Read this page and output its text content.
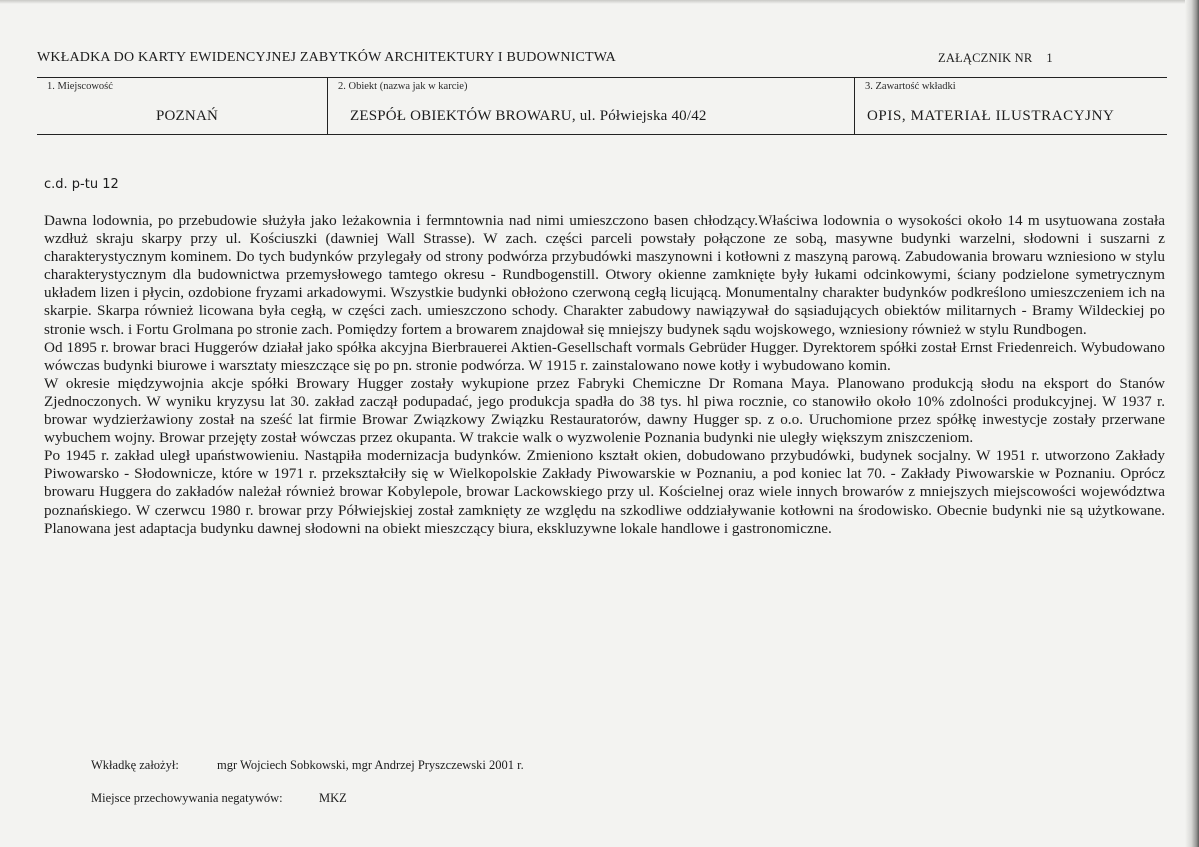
WKŁADKA DO KARTY EWIDENCYJNEJ ZABYTKÓW ARCHITEKTURY I BUDOWNICTWA	ZAŁĄCZNIK NR 1
1. Miejscowość
POZNAŃ
2. Obiekt (nazwa jak w karcie)
ZESPÓŁ OBIEKTÓW BROWARU, ul. Półwiejska 40/42
3. Zawartość wkładki
OPIS, MATERIAŁ ILUSTRACYJNY
c.d. p-tu 12

Dawna lodownia, po przebudowie służyła jako leżakownia i fermntownia nad nimi umieszczono basen chłodzący.Właściwa lodownia o wysokości około 14 m usytuowana została wzdłuż skraju skarpy przy ul. Kościuszki (dawniej Wall Strasse). W zach. części parceli powstały połączone ze sobą, masywne budynki warzelni, słodowni i suszarni z charakterystycznym kominem. Do tych budynków przylegały od strony podwórza przybudówki maszynowni i kotłowni z maszyną parową. Zabudowania browaru wzniesiono w stylu charakterystycznym dla budownictwa przemysłowego tamtego okresu - Rundbogenstill. Otwory okienne zamknięte były łukami odcinkowymi, ściany podzielone symetrycznym układem lizen i płycin, ozdobione fryzami arkadowymi. Wszystkie budynki obłożono czerwoną cegłą licującą. Monumentalny charakter budynków podkreślono umieszczeniem ich na skarpie. Skarpa również licowana była cegłą, w części zach. umieszczono schody. Charakter zabudowy nawiązywał do sąsiadujących obiektów militarnych - Bramy Wildeckiej po stronie wsch. i Fortu Grolmana po stronie zach. Pomiędzy fortem a browarem znajdował się mniejszy budynek sądu wojskowego, wzniesiony również w stylu Rundbogen.

Od 1895 r. browar braci Huggerów działał jako spółka akcyjna Bierbrauerei Aktien-Gesellschaft vormals Gebrüder Hugger. Dyrektorem spółki został Ernst Friedenreich. Wybudowano wówczas budynki biurowe i warsztaty mieszczące się po pn. stronie podwórza. W 1915 r. zainstalowano nowe kotły i wybudowano komin.

W okresie międzywojnia akcje spółki Browary Hugger zostały wykupione przez Fabryki Chemiczne Dr Romana Maya. Planowano produkcją słodu na eksport do Stanów Zjednoczonych. W wyniku kryzysu lat 30. zakład zaczął podupadać, jego produkcja spadła do 38 tys. hl piwa rocznie, co stanowiło około 10% zdolności produkcyjnej. W 1937 r. browar wydzierżawiony został na sześć lat firmie Browar Związkowy Związku Restauratorów, dawny Hugger sp. z o.o. Uruchomione przez spółkę inwestycje zostały przerwane wybuchem wojny. Browar przejęty został wówczas przez okupanta. W trakcie walk o wyzwolenie Poznania budynki nie uległy większym zniszczeniom.

Po 1945 r. zakład uległ upaństwowieniu. Nastąpiła modernizacja budynków. Zmieniono kształt okien, dobudowano przybudówki, budynek socjalny. W 1951 r. utworzono Zakłady Piwowarsko - Słodownicze, które w 1971 r. przekształciły się w Wielkopolskie Zakłady Piwowarskie w Poznaniu, a pod koniec lat 70. - Zakłady Piwowarskie w Poznaniu. Oprócz browaru Huggera do zakładów należał również browar Kobylepole, browar Lackowskiego przy ul. Kościelnej oraz wiele innych browarów z mniejszych miejscowości województwa poznańskiego. W czerwcu 1980 r. browar przy Półwiejskiej został zamknięty ze względu na szkodliwe oddziaływanie kotłowni na środowisko. Obecnie budynki nie są użytkowane. Planowana jest adaptacja budynku dawnej słodowni na obiekt mieszczący biura, ekskluzywne lokale handlowe i gastronomiczne.

Wkładkę założył:	mgr Wojciech Sobkowski, mgr Andrzej Pryszczewski 2001 r.
Miejsce przechowywania negatywów:	MKZ
